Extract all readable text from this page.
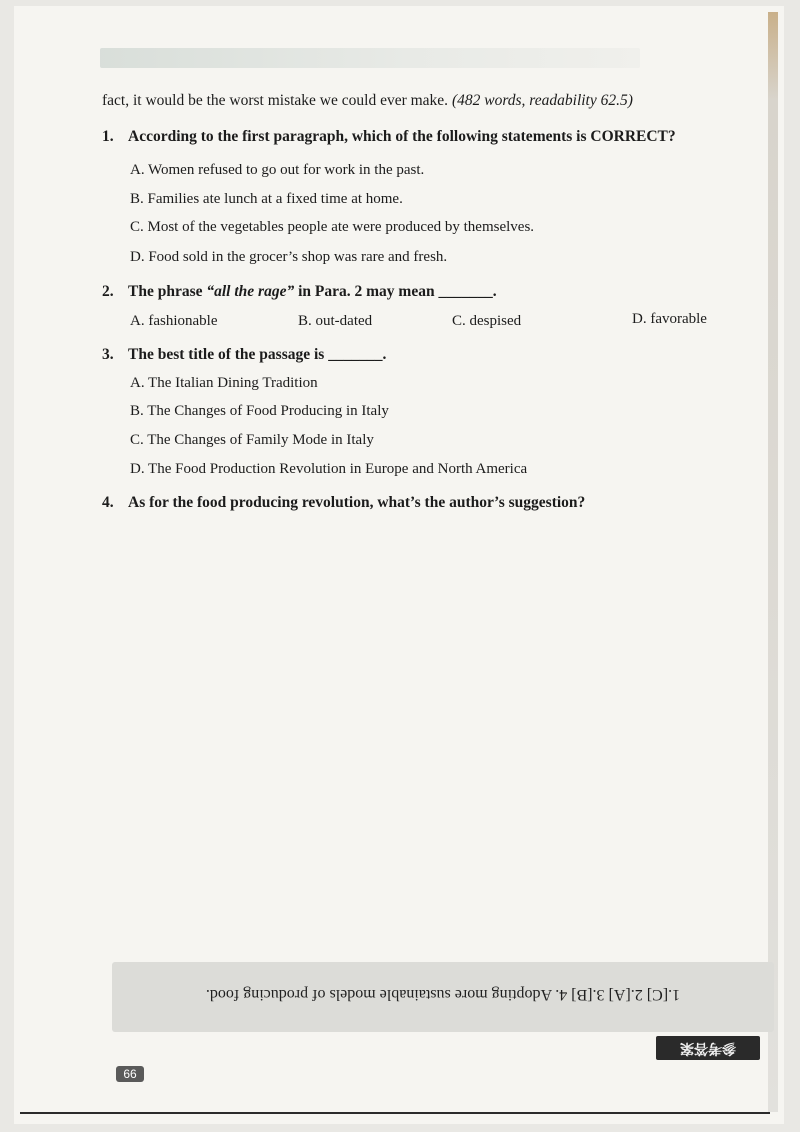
fact, it would be the worst mistake we could ever make. (482 words, readability 62.5)
1. According to the first paragraph, which of the following statements is CORRECT?
A. Women refused to go out for work in the past.
B. Families ate lunch at a fixed time at home.
C. Most of the vegetables people ate were produced by themselves.
D. Food sold in the grocer’s shop was rare and fresh.
2. The phrase “all the rage” in Para. 2 may mean _______.
A. fashionable	B. out-dated	C. despised	D. favorable
3. The best title of the passage is _______.
A. The Italian Dining Tradition
B. The Changes of Food Producing in Italy
C. The Changes of Family Mode in Italy
D. The Food Production Revolution in Europe and North America
4. As for the food producing revolution, what’s the author’s suggestion?
1.[C] 2.[A] 3.[B] 4. Adopting more sustainable models of producing food.
参考答案
66
